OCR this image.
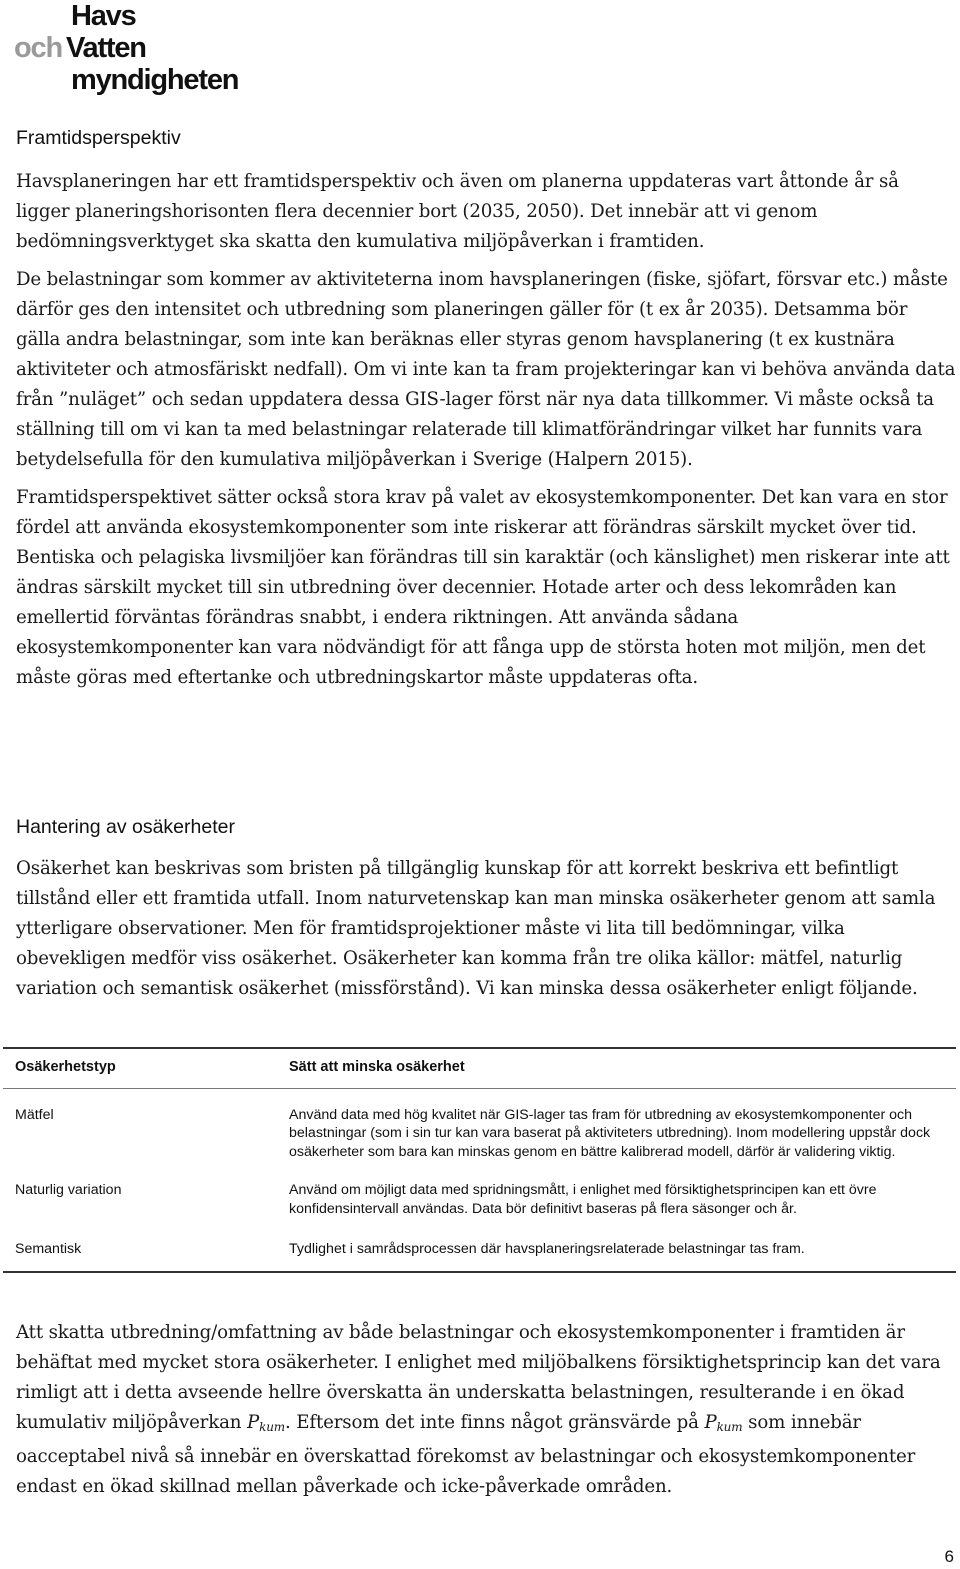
Havs
och Vatten
myndigheten
Framtidsperspektiv

Havsplaneringen har ett framtidsperspektiv och även om planerna uppdateras vart åttonde år så ligger planeringshorisonten flera decennier bort (2035, 2050). Det innebär att vi genom bedömningsverktyget ska skatta den kumulativa miljöpåverkan i framtiden.

De belastningar som kommer av aktiviteterna inom havsplaneringen (fiske, sjöfart, försvar etc.) måste därför ges den intensitet och utbredning som planeringen gäller för (t ex år 2035). Detsamma bör gälla andra belastningar, som inte kan beräknas eller styras genom havsplanering (t ex kustnära aktiviteter och atmosfäriskt nedfall). Om vi inte kan ta fram projekteringar kan vi behöva använda data från ”nuläget” och sedan uppdatera dessa GIS-lager först när nya data tillkommer. Vi måste också ta ställning till om vi kan ta med belastningar relaterade till klimatförändringar vilket har funnits vara betydelsefulla för den kumulativa miljöpåverkan i Sverige (Halpern 2015).

Framtidsperspektivet sätter också stora krav på valet av ekosystemkomponenter. Det kan vara en stor fördel att använda ekosystemkomponenter som inte riskerar att förändras särskilt mycket över tid. Bentiska och pelagiska livsmiljöer kan förändras till sin karaktär (och känslighet) men riskerar inte att ändras särskilt mycket till sin utbredning över decennier. Hotade arter och dess lekområden kan emellertid förväntas förändras snabbt, i endera riktningen. Att använda sådana ekosystemkomponenter kan vara nödvändigt för att fånga upp de största hoten mot miljön, men det måste göras med eftertanke och utbredningskartor måste uppdateras ofta.

Hantering av osäkerheter

Osäkerhet kan beskrivas som bristen på tillgänglig kunskap för att korrekt beskriva ett befintligt tillstånd eller ett framtida utfall. Inom naturvetenskap kan man minska osäkerheter genom att samla ytterligare observationer. Men för framtidsprojektioner måste vi lita till bedömningar, vilka obevekligen medför viss osäkerhet. Osäkerheter kan komma från tre olika källor: mätfel, naturlig variation och semantisk osäkerhet (missförstånd). Vi kan minska dessa osäkerheter enligt följande.

Osäkerhetstyp	Sätt att minska osäkerhet
Mätfel	Använd data med hög kvalitet när GIS-lager tas fram för utbredning av ekosystemkomponenter och belastningar (som i sin tur kan vara baserat på aktiviteters utbredning). Inom modellering uppstår dock osäkerheter som bara kan minskas genom en bättre kalibrerad modell, därför är validering viktig.
Naturlig variation	Använd om möjligt data med spridningsmått, i enlighet med försiktighetsprincipen kan ett övre konfidensintervall användas. Data bör definitivt baseras på flera säsonger och år.
Semantisk	Tydlighet i samrådsprocessen där havsplaneringsrelaterade belastningar tas fram.

Att skatta utbredning/omfattning av både belastningar och ekosystemkomponenter i framtiden är behäftat med mycket stora osäkerheter. I enlighet med miljöbalkens försiktighetsprincip kan det vara rimligt att i detta avseende hellre överskatta än underskatta belastningen, resulterande i en ökad kumulativ miljöpåverkan $P_{kum}$. Eftersom det inte finns något gränsvärde på $P_{kum}$ som innebär oacceptabel nivå så innebär en överskattad förekomst av belastningar och ekosystemkomponenter endast en ökad skillnad mellan påverkade och icke-påverkade områden.

6
